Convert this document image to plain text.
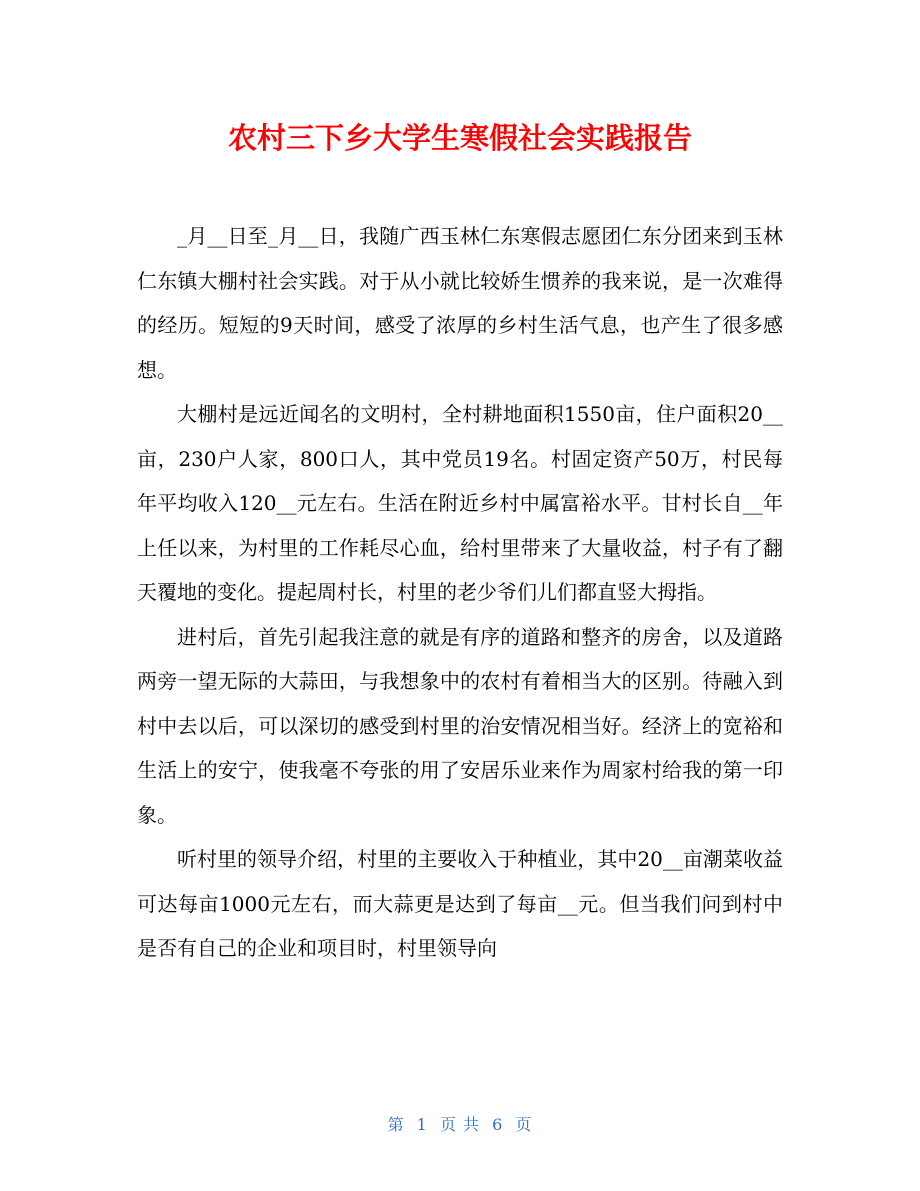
农村三下乡大学生寒假社会实践报告

_月__日至_月__日，我随广西玉林仁东寒假志愿团仁东分团来到玉林仁东镇大棚村社会实践。对于从小就比较娇生惯养的我来说，是一次难得的经历。短短的9天时间，感受了浓厚的乡村生活气息，也产生了很多感想。

大棚村是远近闻名的文明村，全村耕地面积1550亩，住户面积20__亩，230户人家，800口人，其中党员19名。村固定资产50万，村民每年平均收入120__元左右。生活在附近乡村中属富裕水平。甘村长自__年上任以来，为村里的工作耗尽心血，给村里带来了大量收益，村子有了翻天覆地的变化。提起周村长，村里的老少爷们儿们都直竖大拇指。

进村后，首先引起我注意的就是有序的道路和整齐的房舍，以及道路两旁一望无际的大蒜田，与我想象中的农村有着相当大的区别。待融入到村中去以后，可以深切的感受到村里的治安情况相当好。经济上的宽裕和生活上的安宁，使我毫不夸张的用了安居乐业来作为周家村给我的第一印象。

听村里的领导介绍，村里的主要收入于种植业，其中20__亩潮菜收益可达每亩1000元左右，而大蒜更是达到了每亩__元。但当我们问到村中是否有自己的企业和项目时，村里领导向

第 1 页 共 6 页
